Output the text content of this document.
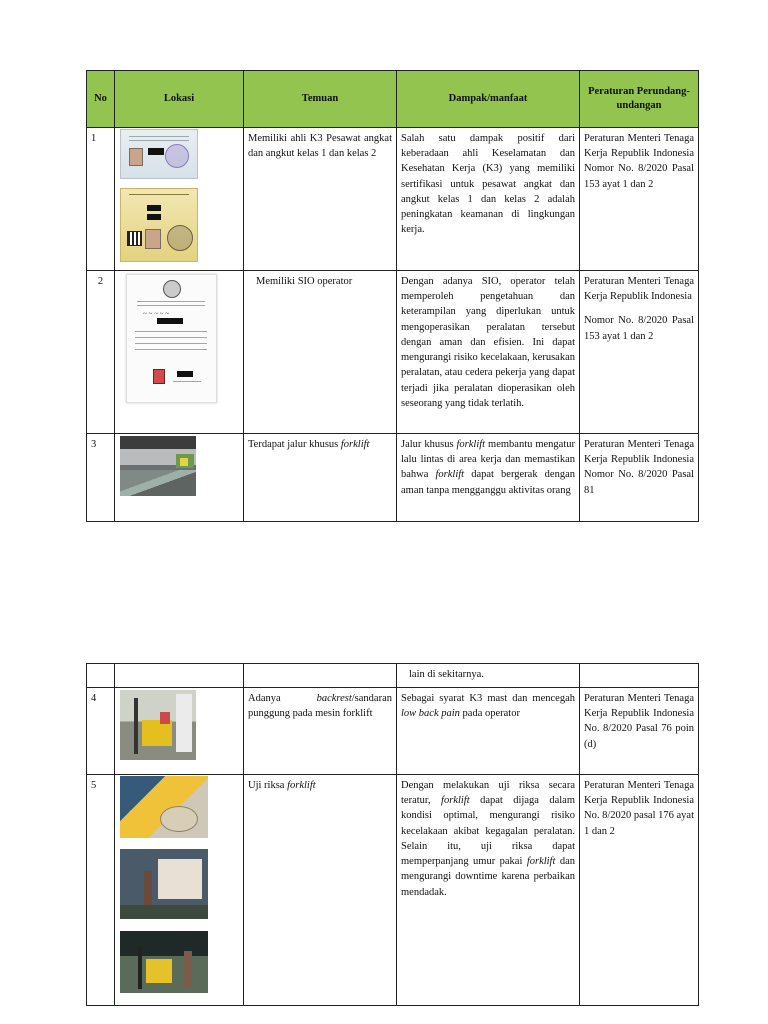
No	Lokasi	Temuan	Dampak/manfaat	Peraturan Perundang-undangan
1		Memiliki ahli K3 Pesawat angkat dan angkut kelas 1 dan kelas 2	Salah satu dampak positif dari keberadaan ahli Keselamatan dan Kesehatan Kerja (K3) yang memiliki sertifikasi untuk pesawat angkat dan angkut kelas 1 dan kelas 2 adalah peningkatan keamanan di lingkungan kerja.	Peraturan Menteri Tenaga Kerja Republik Indonesia Nomor No. 8/2020 Pasal 153 ayat 1 dan 2
2	~ ~ ~ ~ ~	Memiliki SIO operator	Dengan adanya SIO, operator telah memperoleh pengetahuan dan keterampilan yang diperlukan untuk mengoperasikan peralatan tersebut dengan aman dan efisien. Ini dapat mengurangi risiko kecelakaan, kerusakan peralatan, atau cedera pekerja yang dapat terjadi jika peralatan dioperasikan oleh seseorang yang tidak terlatih.	Peraturan Menteri Tenaga Kerja Republik Indonesia
Nomor No. 8/2020 Pasal 153 ayat 1 dan 2

3		Terdapat jalur khusus forklift	Jalur khusus forklift membantu mengatur lalu lintas di area kerja dan memastikan bahwa forklift dapat bergerak dengan aman tanpa mengganggu aktivitas orang	Peraturan Menteri Tenaga Kerja Republik Indonesia Nomor No. 8/2020 Pasal 81
			lain di sekitarnya.	
4		Adanya backrest/sandaran punggung pada mesin forklift	Sebagai syarat K3 mast dan mencegah low back pain pada operator	Peraturan Menteri Tenaga Kerja Republik Indonesia No. 8/2020 Pasal 76 poin (d)
5		Uji riksa forklift	Dengan melakukan uji riksa secara teratur, forklift dapat dijaga dalam kondisi optimal, mengurangi risiko kecelakaan akibat kegagalan peralatan. Selain itu, uji riksa dapat memperpanjang umur pakai forklift dan mengurangi downtime karena perbaikan mendadak.	Peraturan Menteri Tenaga Kerja Republik Indonesia No. 8/2020 pasal 176 ayat 1 dan 2
